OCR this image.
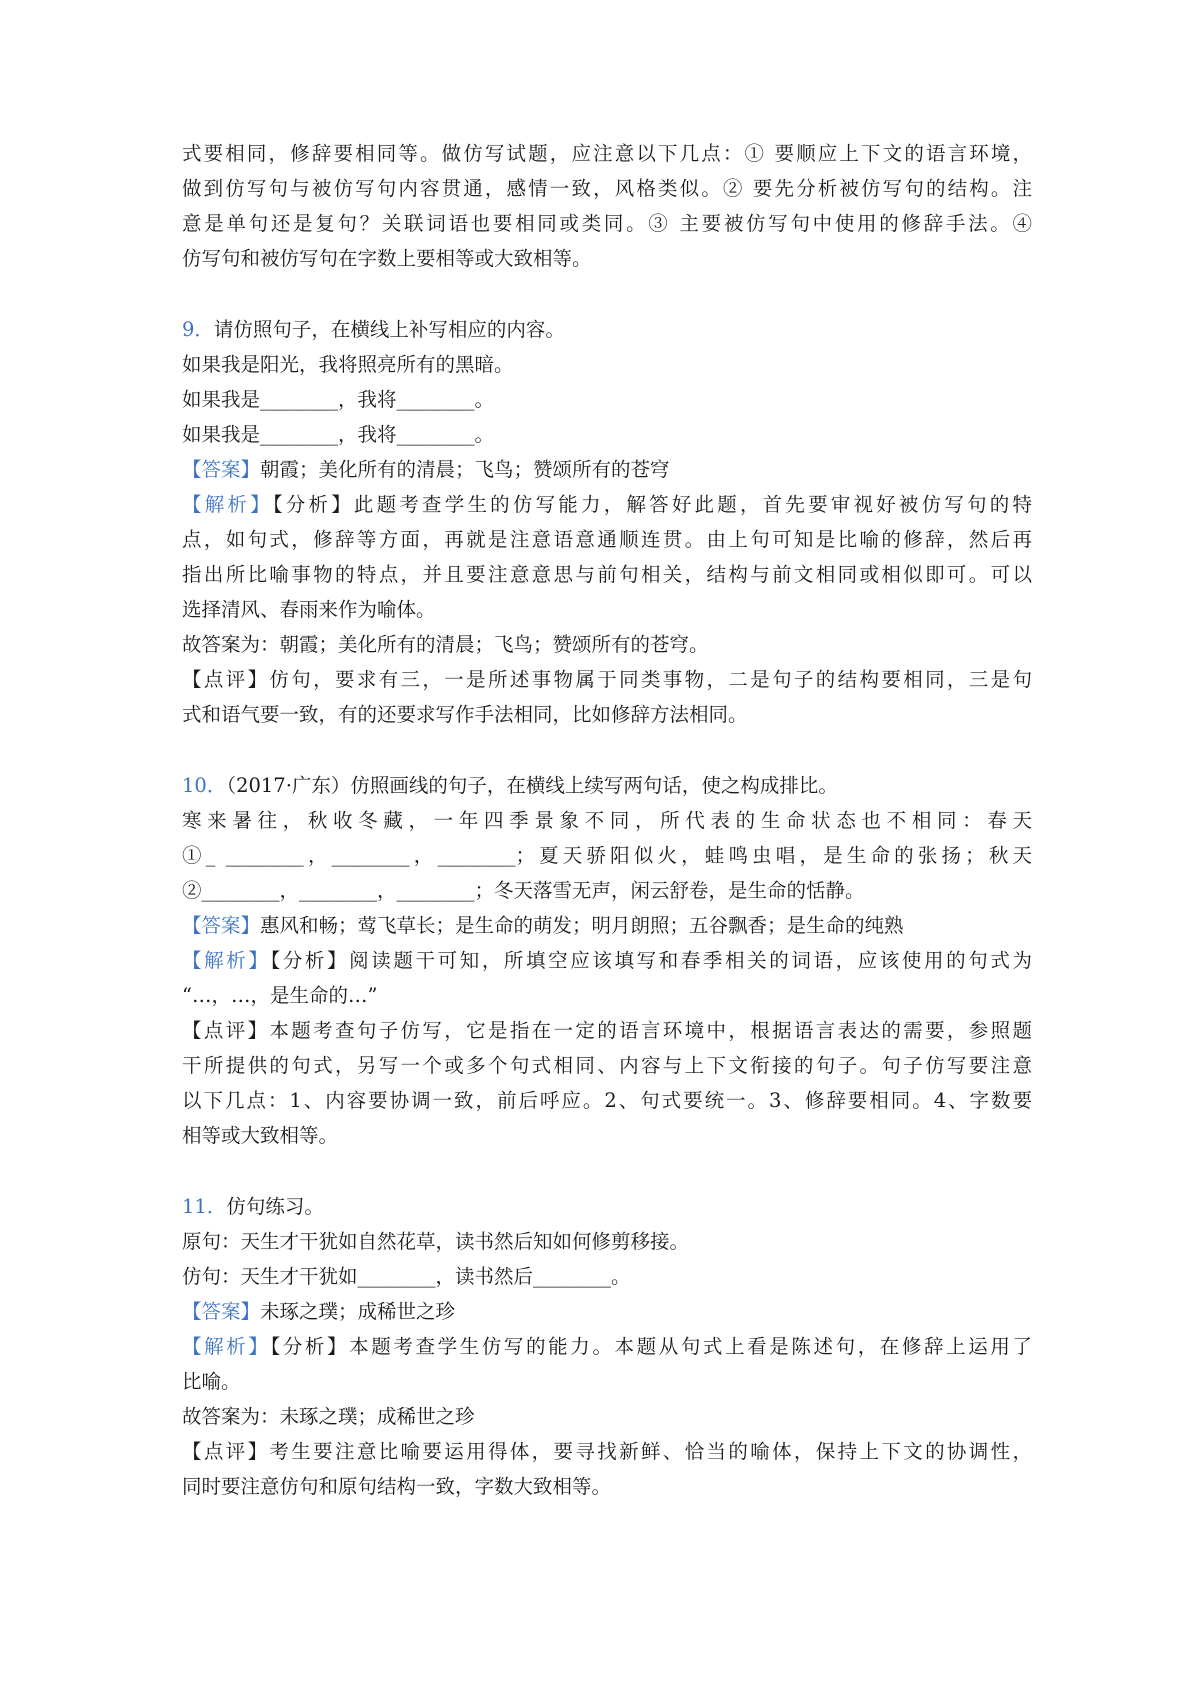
式要相同，修辞要相同等。做仿写试题，应注意以下几点：① 要顺应上下文的语言环境，
做到仿写句与被仿写句内容贯通，感情一致，风格类似。② 要先分析被仿写句的结构。注
意是单句还是复句？关联词语也要相同或类同。③ 主要被仿写句中使用的修辞手法。④
仿写句和被仿写句在字数上要相等或大致相等。
9．请仿照句子，在横线上补写相应的内容。
如果我是阳光，我将照亮所有的黑暗。
如果我是________，我将________。
如果我是________，我将________。
【答案】朝霞；美化所有的清晨；飞鸟；赞颂所有的苍穹
【解析】【分析】此题考查学生的仿写能力，解答好此题，首先要审视好被仿写句的特
点，如句式，修辞等方面，再就是注意语意通顺连贯。由上句可知是比喻的修辞，然后再
指出所比喻事物的特点，并且要注意意思与前句相关，结构与前文相同或相似即可。可以
选择清风、春雨来作为喻体。
故答案为：朝霞；美化所有的清晨；飞鸟；赞颂所有的苍穹。
【点评】仿句，要求有三，一是所述事物属于同类事物，二是句子的结构要相同，三是句
式和语气要一致，有的还要求写作手法相同，比如修辞方法相同。
10．（2017·广东）仿照画线的句子，在横线上续写两句话，使之构成排比。
寒来暑往，秋收冬藏，一年四季景象不同，所代表的生命状态也不相同：春天
①_ ________，________，________；夏天骄阳似火，蛙鸣虫唱，是生命的张扬；秋天
②________，________，________；冬天落雪无声，闲云舒卷，是生命的恬静。
【答案】惠风和畅；莺飞草长；是生命的萌发；明月朗照；五谷飘香；是生命的纯熟
【解析】【分析】阅读题干可知，所填空应该填写和春季相关的词语，应该使用的句式为
“…，…，是生命的…”
【点评】本题考查句子仿写，它是指在一定的语言环境中，根据语言表达的需要，参照题
干所提供的句式，另写一个或多个句式相同、内容与上下文衔接的句子。句子仿写要注意
以下几点：1、内容要协调一致，前后呼应。2、句式要统一。3、修辞要相同。4、字数要
相等或大致相等。
11．仿句练习。
原句：天生才干犹如自然花草，读书然后知如何修剪移接。
仿句：天生才干犹如________，读书然后________。
【答案】未琢之璞；成稀世之珍
【解析】【分析】本题考查学生仿写的能力。本题从句式上看是陈述句，在修辞上运用了
比喻。
故答案为：未琢之璞；成稀世之珍
【点评】考生要注意比喻要运用得体，要寻找新鲜、恰当的喻体，保持上下文的协调性，
同时要注意仿句和原句结构一致，字数大致相等。
